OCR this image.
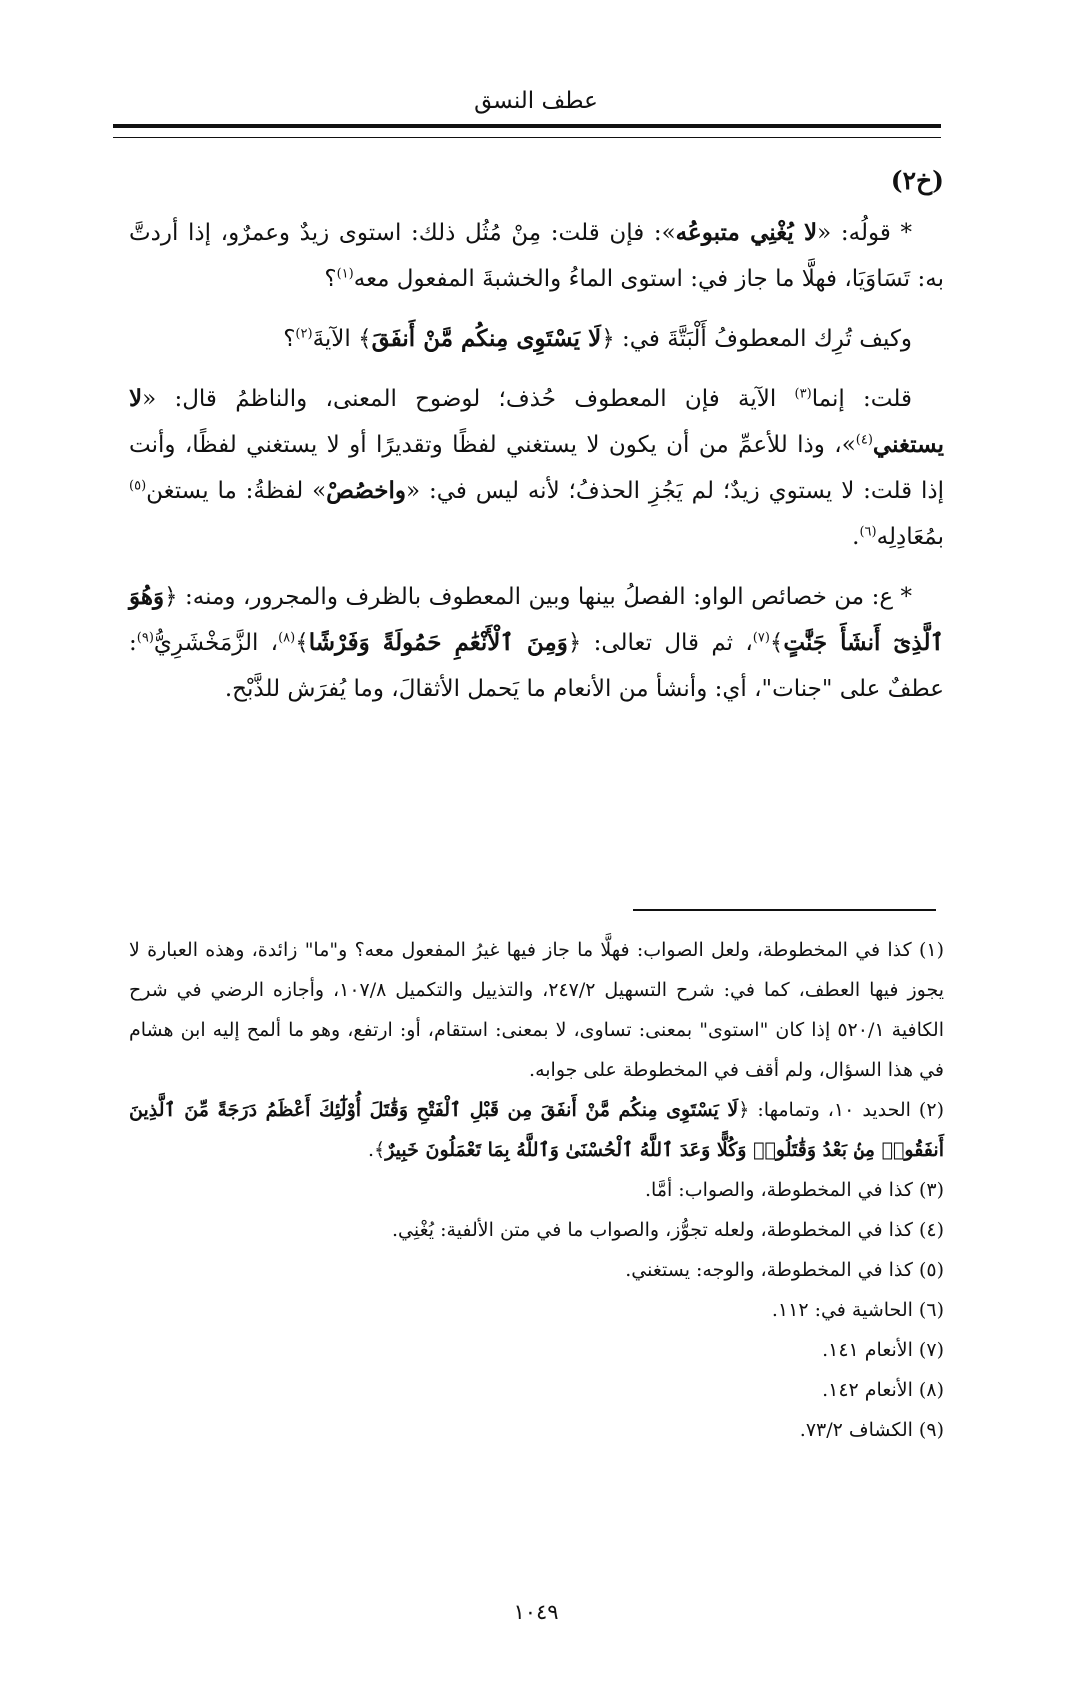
عطف النسق
(خ٢)

* قولُه: «لا يُغْنِي متبوعُه»: فإن قلت: مِنْ مُثُل ذلك: استوى زيدٌ وعمرٌو، إذا أردتَّ به: تَسَاوَيَا، فهلَّا ما جاز في: استوى الماءُ والخشبةَ المفعول معه$^{(١)}$؟

وكيف تُرِك المعطوفُ أَلْبَتَّةَ في: ﴿لَا يَسْتَوِى مِنكُم مَّنْ أَنفَقَ﴾ الآيةَ$^{(٢)}$؟

قلت: إنما$^{(٣)}$ الآية فإن المعطوف حُذف؛ لوضوح المعنى، والناظمُ قال: «لا يستغني$^{(٤)}$»، وذا للأعمِّ من أن يكون لا يستغني لفظًا وتقديرًا أو لا يستغني لفظًا، وأنت إذا قلت: لا يستوي زيدٌ؛ لم يَجُزِ الحذفُ؛ لأنه ليس في: «واخصُصْ» لفظةُ: ما يستغن$^{(٥)}$ بمُعَادِلِه$^{(٦)}$.

* ع: من خصائص الواو: الفصلُ بينها وبين المعطوف بالظرف والمجرور، ومنه: ﴿وَهُوَ ٱلَّذِىٓ أَنشَأَ جَنَّٰتٍ﴾$^{(٧)}$، ثم قال تعالى: ﴿وَمِنَ ٱلْأَنْعَٰمِ حَمُولَةً وَفَرْشًا﴾$^{(٨)}$، الزَّمَخْشَرِيُّ$^{(٩)}$: عطفٌ على "جنات"، أي: وأنشأ من الأنعام ما يَحمل الأثقالَ، وما يُفرَش للذَّبْح.

(١) كذا في المخطوطة، ولعل الصواب: فهلَّا ما جاز فيها غيرُ المفعول معه؟ و"ما" زائدة، وهذه العبارة لا يجوز فيها العطف، كما في: شرح التسهيل ٢٤٧/٢، والتذييل والتكميل ١٠٧/٨، وأجازه الرضي في شرح الكافية ٥٢٠/١ إذا كان "استوى" بمعنى: تساوى، لا بمعنى: استقام، أو: ارتفع، وهو ما ألمح إليه ابن هشام في هذا السؤال، ولم أقف في المخطوطة على جوابه.
(٢) الحديد ١٠، وتمامها: ﴿لَا يَسْتَوِى مِنكُم مَّنْ أَنفَقَ مِن قَبْلِ ٱلْفَتْحِ وَقَٰتَلَ أُوْلَٰٓئِكَ أَعْظَمُ دَرَجَةً مِّنَ ٱلَّذِينَ أَنفَقُوا۟ مِنۢ بَعْدُ وَقَٰتَلُوا۟ وَكُلًّا وَعَدَ ٱللَّهُ ٱلْحُسْنَىٰ وَٱللَّهُ بِمَا تَعْمَلُونَ خَبِيرٌ﴾.
(٣) كذا في المخطوطة، والصواب: أمَّا.
(٤) كذا في المخطوطة، ولعله تجوُّز، والصواب ما في متن الألفية: يُغْنِي.
(٥) كذا في المخطوطة، والوجه: يستغني.
(٦) الحاشية في: ١١٢.
(٧) الأنعام ١٤١.
(٨) الأنعام ١٤٢.
(٩) الكشاف ٧٣/٢.
١٠٤٩
